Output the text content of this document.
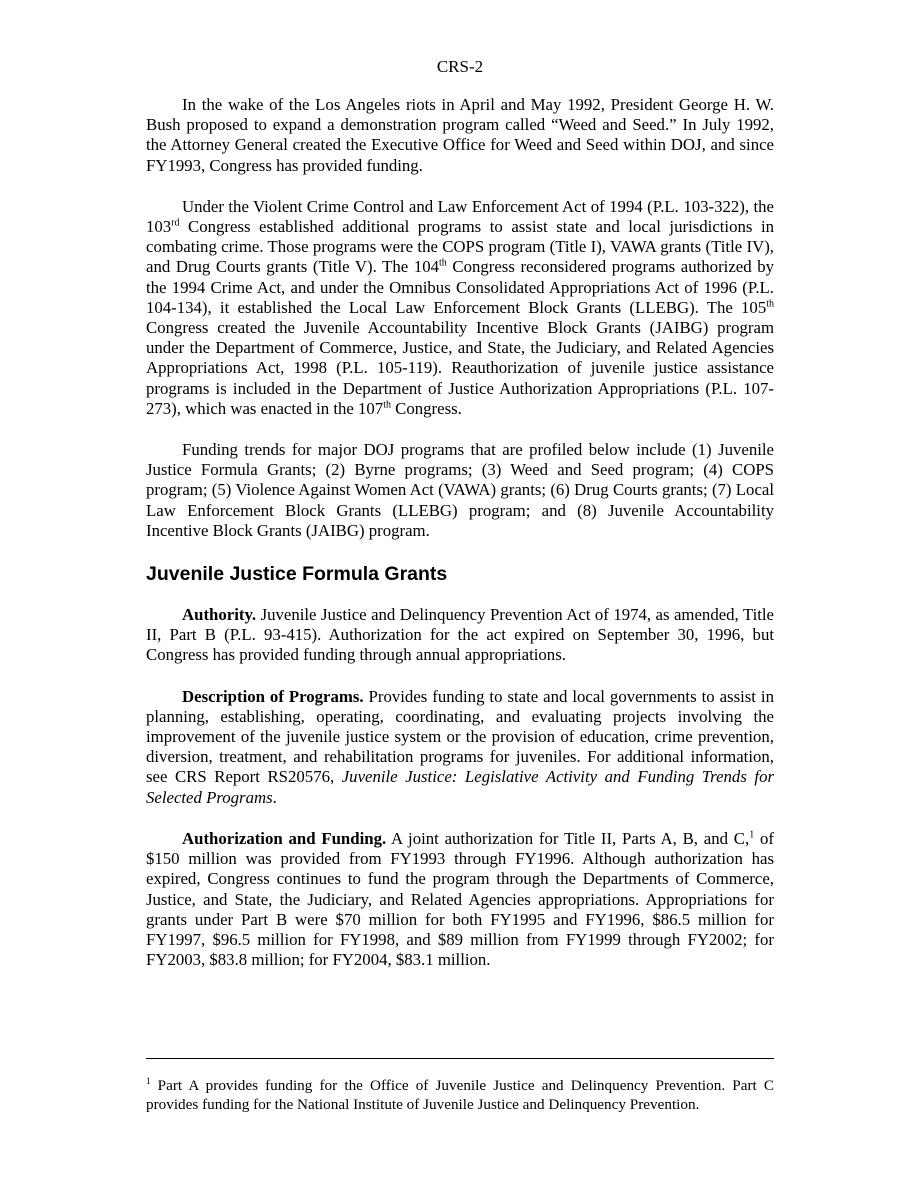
CRS-2

In the wake of the Los Angeles riots in April and May 1992, President George H. W. Bush proposed to expand a demonstration program called “Weed and Seed.” In July 1992, the Attorney General created the Executive Office for Weed and Seed within DOJ, and since FY1993, Congress has provided funding.

Under the Violent Crime Control and Law Enforcement Act of 1994 (P.L. 103-322), the 103rd Congress established additional programs to assist state and local jurisdictions in combating crime. Those programs were the COPS program (Title I), VAWA grants (Title IV), and Drug Courts grants (Title V). The 104th Congress reconsidered programs authorized by the 1994 Crime Act, and under the Omnibus Consolidated Appropriations Act of 1996 (P.L. 104-134), it established the Local Law Enforcement Block Grants (LLEBG). The 105th Congress created the Juvenile Accountability Incentive Block Grants (JAIBG) program under the Department of Commerce, Justice, and State, the Judiciary, and Related Agencies Appropriations Act, 1998 (P.L. 105-119). Reauthorization of juvenile justice assistance programs is included in the Department of Justice Authorization Appropriations (P.L. 107-273), which was enacted in the 107th Congress.

Funding trends for major DOJ programs that are profiled below include (1) Juvenile Justice Formula Grants; (2) Byrne programs; (3) Weed and Seed program; (4) COPS program; (5) Violence Against Women Act (VAWA) grants; (6) Drug Courts grants; (7) Local Law Enforcement Block Grants (LLEBG) program; and (8) Juvenile Accountability Incentive Block Grants (JAIBG) program.

Juvenile Justice Formula Grants

Authority. Juvenile Justice and Delinquency Prevention Act of 1974, as amended, Title II, Part B (P.L. 93-415). Authorization for the act expired on September 30, 1996, but Congress has provided funding through annual appropriations.

Description of Programs. Provides funding to state and local governments to assist in planning, establishing, operating, coordinating, and evaluating projects involving the improvement of the juvenile justice system or the provision of education, crime prevention, diversion, treatment, and rehabilitation programs for juveniles. For additional information, see CRS Report RS20576, Juvenile Justice: Legislative Activity and Funding Trends for Selected Programs.

Authorization and Funding. A joint authorization for Title II, Parts A, B, and C,$^1$ of $150 million was provided from FY1993 through FY1996. Although authorization has expired, Congress continues to fund the program through the Departments of Commerce, Justice, and State, the Judiciary, and Related Agencies appropriations. Appropriations for grants under Part B were $70 million for both FY1995 and FY1996, $86.5 million for FY1997, $96.5 million for FY1998, and $89 million from FY1999 through FY2002; for FY2003, $83.8 million; for FY2004, $83.1 million.

$^1$ Part A provides funding for the Office of Juvenile Justice and Delinquency Prevention. Part C provides funding for the National Institute of Juvenile Justice and Delinquency Prevention.
